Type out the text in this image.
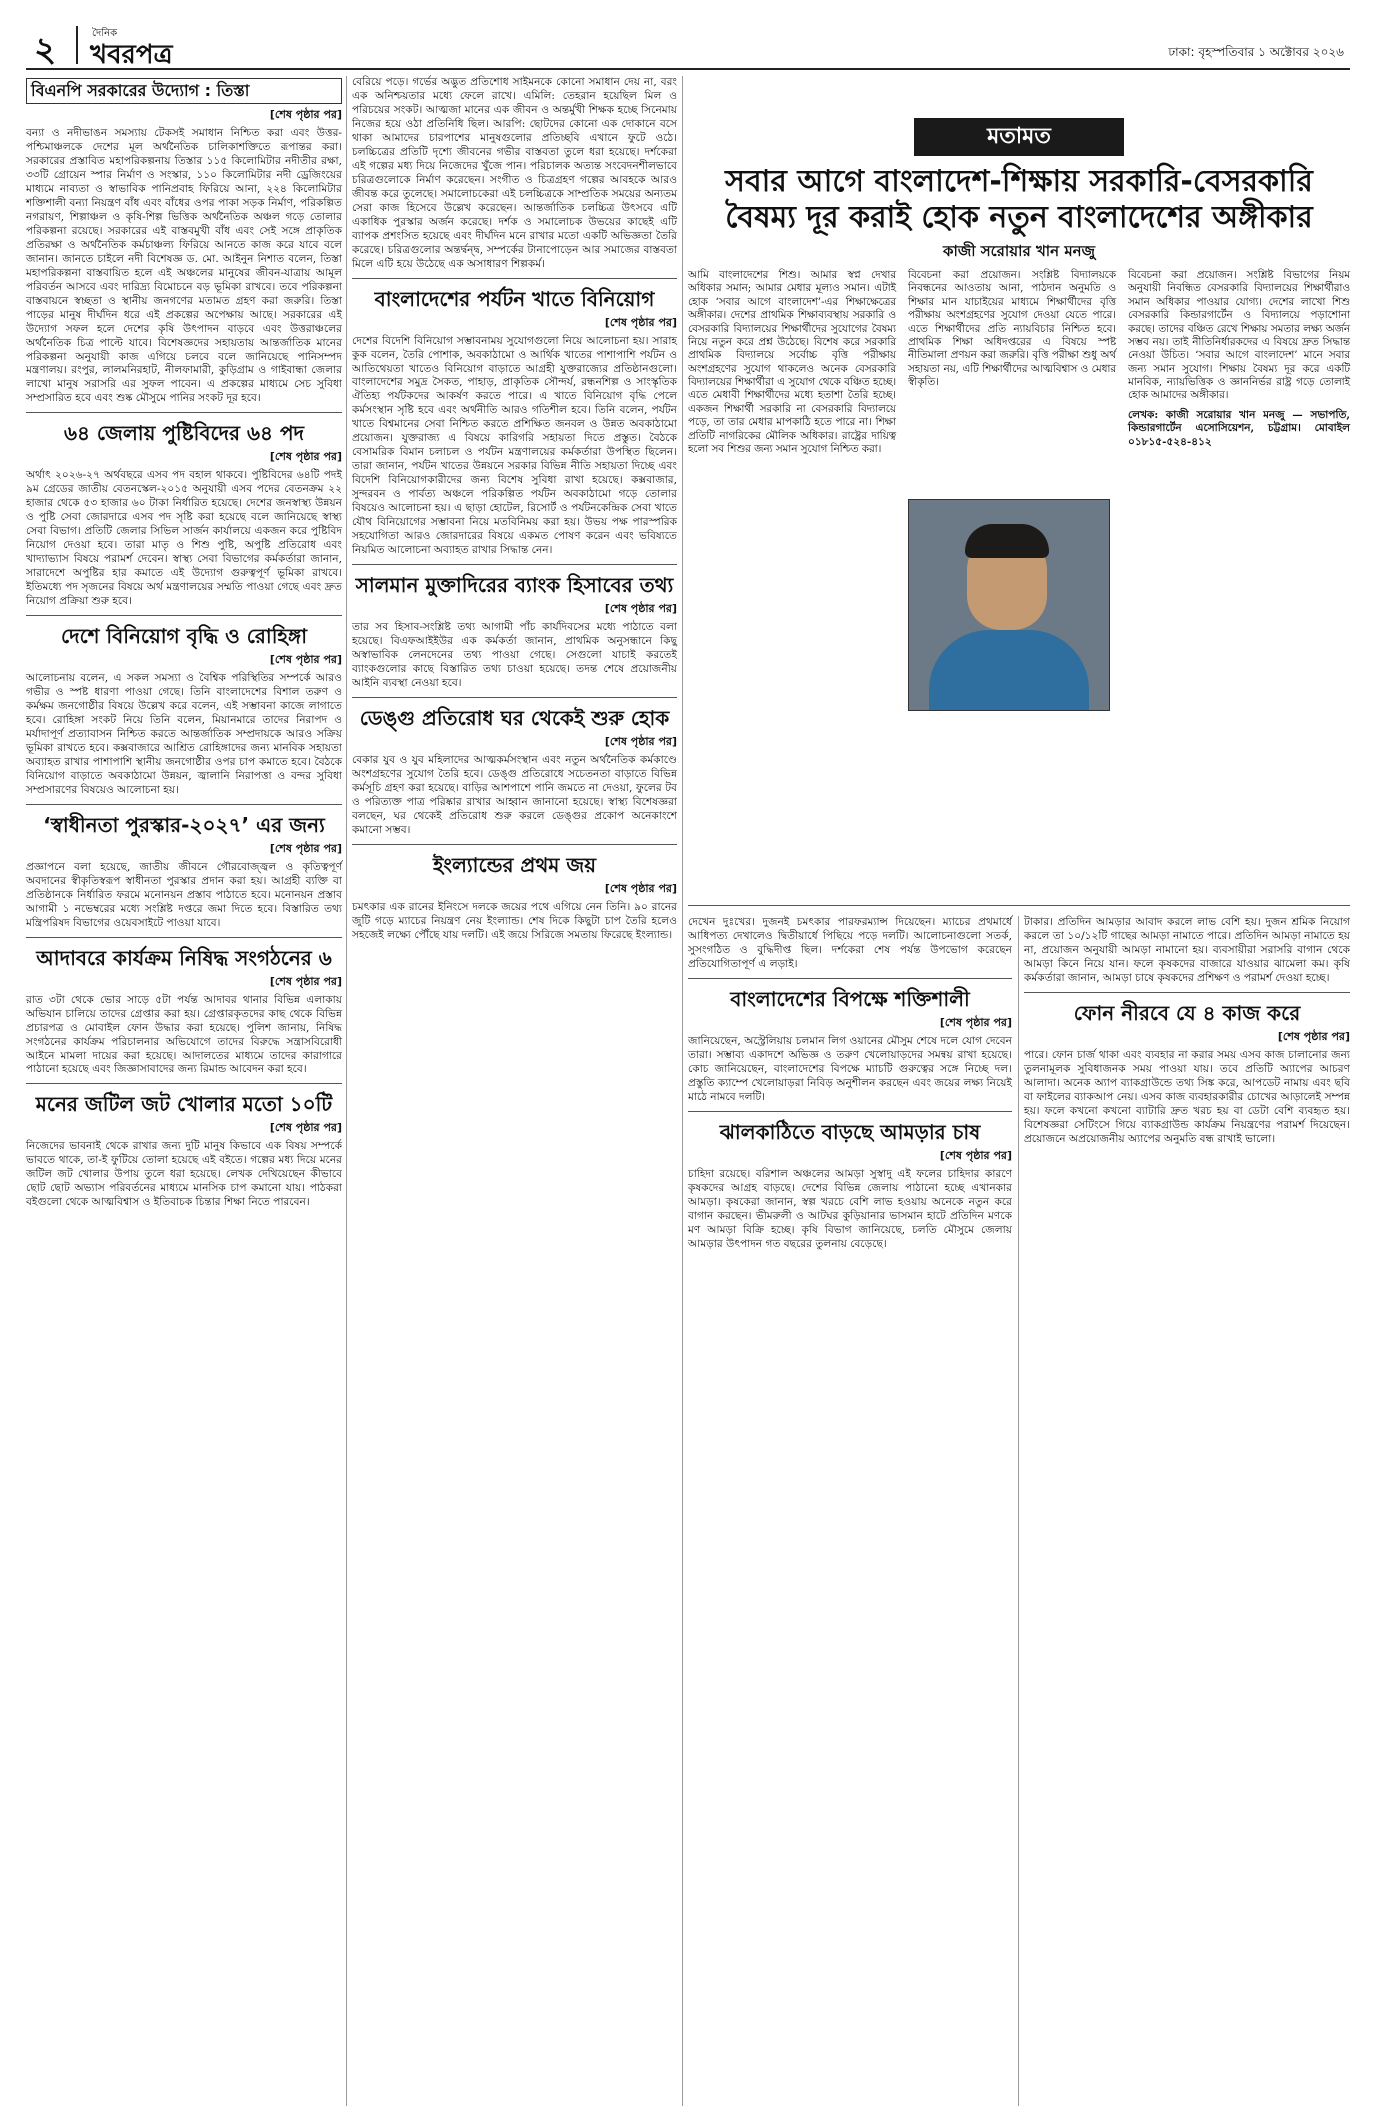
২	দৈনিক
খবরপত্র	ঢাকা: বৃহস্পতিবার ১ অক্টোবর ২০২৬
বিএনপি সরকারের উদ্যোগ : তিস্তা
[শেষ পৃষ্ঠার পর]
বন্যা ও নদীভাঙন সমস্যায় টেকসই সমাধান নিশ্চিত করা এবং উত্তর-পশ্চিমাঞ্চলকে দেশের মূল অর্থনৈতিক চালিকাশক্তিতে রূপান্তর করা। সরকারের প্রস্তাবিত মহাপরিকল্পনায় তিস্তার ১১৫ কিলোমিটার নদীতীর রক্ষা, ৩৩টি গ্রোয়েন স্পার নির্মাণ ও সংস্কার, ১১০ কিলোমিটার নদী ড্রেজিংয়ের মাধ্যমে নাব্যতা ও স্বাভাবিক পানিপ্রবাহ ফিরিয়ে আনা, ২২৪ কিলোমিটার শক্তিশালী বন্যা নিয়ন্ত্রণ বাঁধ এবং বাঁধের ওপর পাকা সড়ক নির্মাণ, পরিকল্পিত নগরায়ণ, শিল্পাঞ্চল ও কৃষি-শিল্প ভিত্তিক অর্থনৈতিক অঞ্চল গড়ে তোলার পরিকল্পনা রয়েছে। সরকারের এই বাস্তবমুখী বাঁধ এবং সেই সঙ্গে প্রাকৃতিক প্রতিরক্ষা ও অর্থনৈতিক কর্মচাঞ্চল্য ফিরিয়ে আনতে কাজ করে যাবে বলে জানান। জানতে চাইলে নদী বিশেষজ্ঞ ড. মো. আইনুন নিশাত বলেন, তিস্তা মহাপরিকল্পনা বাস্তবায়িত হলে এই অঞ্চলের মানুষের জীবন-যাত্রায় আমূল পরিবর্তন আসবে এবং দারিদ্র্য বিমোচনে বড় ভূমিকা রাখবে। তবে পরিকল্পনা বাস্তবায়নে স্বচ্ছতা ও স্থানীয় জনগণের মতামত গ্রহণ করা জরুরি। তিস্তা পাড়ের মানুষ দীর্ঘদিন ধরে এই প্রকল্পের অপেক্ষায় আছে। সরকারের এই উদ্যোগ সফল হলে দেশের কৃষি উৎপাদন বাড়বে এবং উত্তরাঞ্চলের অর্থনৈতিক চিত্র পাল্টে যাবে। বিশেষজ্ঞদের সহায়তায় আন্তর্জাতিক মানের পরিকল্পনা অনুযায়ী কাজ এগিয়ে চলবে বলে জানিয়েছে পানিসম্পদ মন্ত্রণালয়। রংপুর, লালমনিরহাট, নীলফামারী, কুড়িগ্রাম ও গাইবান্ধা জেলার লাখো মানুষ সরাসরি এর সুফল পাবেন। এ প্রকল্পের মাধ্যমে সেচ সুবিধা সম্প্রসারিত হবে এবং শুষ্ক মৌসুমে পানির সংকট দূর হবে।
৬৪ জেলায় পুষ্টিবিদের ৬৪ পদ
[শেষ পৃষ্ঠার পর]
অর্থাৎ ২০২৬-২৭ অর্থবছরে এসব পদ বহাল থাকবে। পুষ্টিবিদের ৬৪টি পদই ৯ম গ্রেডের জাতীয় বেতনস্কেল-২০১৫ অনুযায়ী এসব পদের বেতনক্রম ২২ হাজার থেকে ৫৩ হাজার ৬০ টাকা নির্ধারিত হয়েছে। দেশের জনস্বাস্থ্য উন্নয়ন ও পুষ্টি সেবা জোরদারে এসব পদ সৃষ্টি করা হয়েছে বলে জানিয়েছে স্বাস্থ্য সেবা বিভাগ। প্রতিটি জেলার সিভিল সার্জন কার্যালয়ে একজন করে পুষ্টিবিদ নিয়োগ দেওয়া হবে। তারা মাতৃ ও শিশু পুষ্টি, অপুষ্টি প্রতিরোধ এবং খাদ্যাভ্যাস বিষয়ে পরামর্শ দেবেন। স্বাস্থ্য সেবা বিভাগের কর্মকর্তারা জানান, সারাদেশে অপুষ্টির হার কমাতে এই উদ্যোগ গুরুত্বপূর্ণ ভূমিকা রাখবে। ইতিমধ্যে পদ সৃজনের বিষয়ে অর্থ মন্ত্রণালয়ের সম্মতি পাওয়া গেছে এবং দ্রুত নিয়োগ প্রক্রিয়া শুরু হবে।
দেশে বিনিয়োগ বৃদ্ধি ও রোহিঙ্গা
[শেষ পৃষ্ঠার পর]
আলোচনায় বলেন, এ সকল সমস্যা ও বৈশ্বিক পরিস্থিতির সম্পর্কে আরও গভীর ও স্পষ্ট ধারণা পাওয়া গেছে। তিনি বাংলাদেশের বিশাল তরুণ ও কর্মক্ষম জনগোষ্ঠীর বিষয়ে উল্লেখ করে বলেন, এই সম্ভাবনা কাজে লাগাতে হবে। রোহিঙ্গা সংকট নিয়ে তিনি বলেন, মিয়ানমারে তাদের নিরাপদ ও মর্যাদাপূর্ণ প্রত্যাবাসন নিশ্চিত করতে আন্তর্জাতিক সম্প্রদায়কে আরও সক্রিয় ভূমিকা রাখতে হবে। কক্সবাজারে আশ্রিত রোহিঙ্গাদের জন্য মানবিক সহায়তা অব্যাহত রাখার পাশাপাশি স্থানীয় জনগোষ্ঠীর ওপর চাপ কমাতে হবে। বৈঠকে বিনিয়োগ বাড়াতে অবকাঠামো উন্নয়ন, জ্বালানি নিরাপত্তা ও বন্দর সুবিধা সম্প্রসারণের বিষয়েও আলোচনা হয়।
‘স্বাধীনতা পুরস্কার-২০২৭’ এর জন্য
[শেষ পৃষ্ঠার পর]
প্রজ্ঞাপনে বলা হয়েছে, জাতীয় জীবনে গৌরবোজ্জ্বল ও কৃতিত্বপূর্ণ অবদানের স্বীকৃতিস্বরূপ স্বাধীনতা পুরস্কার প্রদান করা হয়। আগ্রহী ব্যক্তি বা প্রতিষ্ঠানকে নির্ধারিত ফরমে মনোনয়ন প্রস্তাব পাঠাতে হবে। মনোনয়ন প্রস্তাব আগামী ১ নভেম্বরের মধ্যে সংশ্লিষ্ট দপ্তরে জমা দিতে হবে। বিস্তারিত তথ্য মন্ত্রিপরিষদ বিভাগের ওয়েবসাইটে পাওয়া যাবে।
আদাবরে কার্যক্রম নিষিদ্ধ সংগঠনের ৬
[শেষ পৃষ্ঠার পর]
রাত ৩টা থেকে ভোর সাড়ে ৫টা পর্যন্ত আদাবর থানার বিভিন্ন এলাকায় অভিযান চালিয়ে তাদের গ্রেপ্তার করা হয়। গ্রেপ্তারকৃতদের কাছ থেকে বিভিন্ন প্রচারপত্র ও মোবাইল ফোন উদ্ধার করা হয়েছে। পুলিশ জানায়, নিষিদ্ধ সংগঠনের কার্যক্রম পরিচালনার অভিযোগে তাদের বিরুদ্ধে সন্ত্রাসবিরোধী আইনে মামলা দায়ের করা হয়েছে। আদালতের মাধ্যমে তাদের কারাগারে পাঠানো হয়েছে এবং জিজ্ঞাসাবাদের জন্য রিমান্ড আবেদন করা হবে।
মনের জটিল জট খোলার মতো ১০টি
[শেষ পৃষ্ঠার পর]
নিজেদের ভাবনাই থেকে রাখার জন্য দুটি মানুষ কিভাবে এক বিষয় সম্পর্কে ভাবতে থাকে, তা-ই ফুটিয়ে তোলা হয়েছে এই বইতে। গল্পের মধ্য দিয়ে মনের জটিল জট খোলার উপায় তুলে ধরা হয়েছে। লেখক দেখিয়েছেন কীভাবে ছোট ছোট অভ্যাস পরিবর্তনের মাধ্যমে মানসিক চাপ কমানো যায়। পাঠকরা বইগুলো থেকে আত্মবিশ্বাস ও ইতিবাচক চিন্তার শিক্ষা নিতে পারবেন।
বেরিয়ে পড়ে। গর্ভের অদ্ভুত প্রতিশোধ সাইমনকে কোনো সমাধান দেয় না, বরং এক অনিশ্চয়তার মধ্যে ফেলে রাখে। এমিলি: তেহরান হয়েছিল মিল ও পরিচয়ের সংকট। আত্মজা মানের এক জীবন ও অন্তর্মুখী শিক্ষক হচ্ছে সিনেমায় নিজের হয়ে ওঠা প্রতিনিধি ছিল। আরপি: ছোটদের কোনো এক দোকানে বসে থাকা আমাদের চারপাশের মানুষগুলোর প্রতিচ্ছবি এখানে ফুটে ওঠে। চলচ্চিত্রের প্রতিটি দৃশ্যে জীবনের গভীর বাস্তবতা তুলে ধরা হয়েছে। দর্শকেরা এই গল্পের মধ্য দিয়ে নিজেদের খুঁজে পান। পরিচালক অত্যন্ত সংবেদনশীলভাবে চরিত্রগুলোকে নির্মাণ করেছেন। সংগীত ও চিত্রগ্রহণ গল্পের আবহকে আরও জীবন্ত করে তুলেছে। সমালোচকেরা এই চলচ্চিত্রকে সাম্প্রতিক সময়ের অন্যতম সেরা কাজ হিসেবে উল্লেখ করেছেন। আন্তর্জাতিক চলচ্চিত্র উৎসবে এটি একাধিক পুরস্কার অর্জন করেছে। দর্শক ও সমালোচক উভয়ের কাছেই এটি ব্যাপক প্রশংসিত হয়েছে এবং দীর্ঘদিন মনে রাখার মতো একটি অভিজ্ঞতা তৈরি করেছে। চরিত্রগুলোর অন্তর্দ্বন্দ্ব, সম্পর্কের টানাপোড়েন আর সমাজের বাস্তবতা মিলে এটি হয়ে উঠেছে এক অসাধারণ শিল্পকর্ম।
বাংলাদেশের পর্যটন খাতে বিনিয়োগ
[শেষ পৃষ্ঠার পর]
দেশের বিদেশি বিনিয়োগ সম্ভাবনাময় সুযোগগুলো নিয়ে আলোচনা হয়। সারাহ কুক বলেন, তৈরি পোশাক, অবকাঠামো ও আর্থিক খাতের পাশাপাশি পর্যটন ও আতিথেয়তা খাতেও বিনিয়োগ বাড়াতে আগ্রহী যুক্তরাজ্যের প্রতিষ্ঠানগুলো। বাংলাদেশের সমুদ্র সৈকত, পাহাড়, প্রাকৃতিক সৌন্দর্য, রন্ধনশিল্প ও সাংস্কৃতিক ঐতিহ্য পর্যটকদের আকর্ষণ করতে পারে। এ খাতে বিনিয়োগ বৃদ্ধি পেলে কর্মসংস্থান সৃষ্টি হবে এবং অর্থনীতি আরও গতিশীল হবে। তিনি বলেন, পর্যটন খাতে বিশ্বমানের সেবা নিশ্চিত করতে প্রশিক্ষিত জনবল ও উন্নত অবকাঠামো প্রয়োজন। যুক্তরাজ্য এ বিষয়ে কারিগরি সহায়তা দিতে প্রস্তুত। বৈঠকে বেসামরিক বিমান চলাচল ও পর্যটন মন্ত্রণালয়ের কর্মকর্তারা উপস্থিত ছিলেন। তারা জানান, পর্যটন খাতের উন্নয়নে সরকার বিভিন্ন নীতি সহায়তা দিচ্ছে এবং বিদেশি বিনিয়োগকারীদের জন্য বিশেষ সুবিধা রাখা হয়েছে। কক্সবাজার, সুন্দরবন ও পার্বত্য অঞ্চলে পরিকল্পিত পর্যটন অবকাঠামো গড়ে তোলার বিষয়েও আলোচনা হয়। এ ছাড়া হোটেল, রিসোর্ট ও পর্যটনকেন্দ্রিক সেবা খাতে যৌথ বিনিয়োগের সম্ভাবনা নিয়ে মতবিনিময় করা হয়। উভয় পক্ষ পারস্পরিক সহযোগিতা আরও জোরদারের বিষয়ে একমত পোষণ করেন এবং ভবিষ্যতে নিয়মিত আলোচনা অব্যাহত রাখার সিদ্ধান্ত নেন।
সালমান মুক্তাদিরের ব্যাংক হিসাবের তথ্য
[শেষ পৃষ্ঠার পর]
তার সব হিসাব-সংশ্লিষ্ট তথ্য আগামী পাঁচ কার্যদিবসের মধ্যে পাঠাতে বলা হয়েছে। বিএফআইইউর এক কর্মকর্তা জানান, প্রাথমিক অনুসন্ধানে কিছু অস্বাভাবিক লেনদেনের তথ্য পাওয়া গেছে। সেগুলো যাচাই করতেই ব্যাংকগুলোর কাছে বিস্তারিত তথ্য চাওয়া হয়েছে। তদন্ত শেষে প্রয়োজনীয় আইনি ব্যবস্থা নেওয়া হবে।
ডেঙ্গু প্রতিরোধ ঘর থেকেই শুরু হোক
[শেষ পৃষ্ঠার পর]
বেকার যুব ও যুব মহিলাদের আত্মকর্মসংস্থান এবং নতুন অর্থনৈতিক কর্মকাণ্ডে অংশগ্রহণের সুযোগ তৈরি হবে। ডেঙ্গু প্রতিরোধে সচেতনতা বাড়াতে বিভিন্ন কর্মসূচি গ্রহণ করা হয়েছে। বাড়ির আশপাশে পানি জমতে না দেওয়া, ফুলের টব ও পরিত্যক্ত পাত্র পরিষ্কার রাখার আহ্বান জানানো হয়েছে। স্বাস্থ্য বিশেষজ্ঞরা বলছেন, ঘর থেকেই প্রতিরোধ শুরু করলে ডেঙ্গুর প্রকোপ অনেকাংশে কমানো সম্ভব।
ইংল্যান্ডের প্রথম জয়
[শেষ পৃষ্ঠার পর]
চমৎকার এক রানের ইনিংসে দলকে জয়ের পথে এগিয়ে নেন তিনি। ৯০ রানের জুটি গড়ে ম্যাচের নিয়ন্ত্রণ নেয় ইংল্যান্ড। শেষ দিকে কিছুটা চাপ তৈরি হলেও সহজেই লক্ষ্যে পৌঁছে যায় দলটি। এই জয়ে সিরিজে সমতায় ফিরেছে ইংল্যান্ড।
মতামত
সবার আগে বাংলাদেশ-শিক্ষায় সরকারি-বেসরকারি
বৈষম্য দূর করাই হোক নতুন বাংলাদেশের অঙ্গীকার
কাজী সরোয়ার খান মনজু
আমি বাংলাদেশের শিশু। আমার স্বপ্ন দেখার অধিকার সমান; আমার মেধার মূল্যও সমান। এটাই হোক ‘সবার আগে বাংলাদেশ’-এর শিক্ষাক্ষেত্রের অঙ্গীকার। দেশের প্রাথমিক শিক্ষাব্যবস্থায় সরকারি ও বেসরকারি বিদ্যালয়ের শিক্ষার্থীদের সুযোগের বৈষম্য নিয়ে নতুন করে প্রশ্ন উঠেছে। বিশেষ করে সরকারি প্রাথমিক বিদ্যালয়ে সর্বোচ্চ বৃত্তি পরীক্ষায় অংশগ্রহণের সুযোগ থাকলেও অনেক বেসরকারি বিদ্যালয়ের শিক্ষার্থীরা এ সুযোগ থেকে বঞ্চিত হচ্ছে। এতে মেধাবী শিক্ষার্থীদের মধ্যে হতাশা তৈরি হচ্ছে। একজন শিক্ষার্থী সরকারি না বেসরকারি বিদ্যালয়ে পড়ে, তা তার মেধার মাপকাঠি হতে পারে না। শিক্ষা প্রতিটি নাগরিকের মৌলিক অধিকার। রাষ্ট্রের দায়িত্ব হলো সব শিশুর জন্য সমান সুযোগ নিশ্চিত করা।
বিবেচনা করা প্রয়োজন। সংশ্লিষ্ট বিদ্যালয়কে নিবন্ধনের আওতায় আনা, পাঠদান অনুমতি ও শিক্ষার মান যাচাইয়ের মাধ্যমে শিক্ষার্থীদের বৃত্তি পরীক্ষায় অংশগ্রহণের সুযোগ দেওয়া যেতে পারে। এতে শিক্ষার্থীদের প্রতি ন্যায়বিচার নিশ্চিত হবে। প্রাথমিক শিক্ষা অধিদপ্তরের এ বিষয়ে স্পষ্ট নীতিমালা প্রণয়ন করা জরুরি। বৃত্তি পরীক্ষা শুধু অর্থ সহায়তা নয়, এটি শিক্ষার্থীদের আত্মবিশ্বাস ও মেধার স্বীকৃতি।
বিবেচনা করা প্রয়োজন। সংশ্লিষ্ট বিভাগের নিয়ম অনুযায়ী নিবন্ধিত বেসরকারি বিদ্যালয়ের শিক্ষার্থীরাও সমান অধিকার পাওয়ার যোগ্য। দেশের লাখো শিশু বেসরকারি কিন্ডারগার্টেন ও বিদ্যালয়ে পড়াশোনা করছে। তাদের বঞ্চিত রেখে শিক্ষায় সমতার লক্ষ্য অর্জন সম্ভব নয়। তাই নীতিনির্ধারকদের এ বিষয়ে দ্রুত সিদ্ধান্ত নেওয়া উচিত। ‘সবার আগে বাংলাদেশ’ মানে সবার জন্য সমান সুযোগ। শিক্ষায় বৈষম্য দূর করে একটি মানবিক, ন্যায়ভিত্তিক ও জ্ঞাননির্ভর রাষ্ট্র গড়ে তোলাই হোক আমাদের অঙ্গীকার।
লেখক: কাজী সরোয়ার খান মনজু — সভাপতি, কিন্ডারগার্টেন এসোসিয়েশন, চট্টগ্রাম। মোবাইল ০১৮১৫-৫২৪-৪১২
দেখেন দুঃখের। দুজনই চমৎকার পারফরম্যান্স দিয়েছেন। ম্যাচের প্রথমার্ধে আধিপত্য দেখালেও দ্বিতীয়ার্ধে পিছিয়ে পড়ে দলটি। আলোচনাগুলো সতর্ক, সুসংগঠিত ও বুদ্ধিদীপ্ত ছিল। দর্শকেরা শেষ পর্যন্ত উপভোগ করেছেন প্রতিযোগিতাপূর্ণ এ লড়াই।
বাংলাদেশের বিপক্ষে শক্তিশালী
[শেষ পৃষ্ঠার পর]
জানিয়েছেন, অস্ট্রেলিয়ায় চলমান লিগ ওয়ানের মৌসুম শেষে দলে যোগ দেবেন তারা। সম্ভাব্য একাদশে অভিজ্ঞ ও তরুণ খেলোয়াড়দের সমন্বয় রাখা হয়েছে। কোচ জানিয়েছেন, বাংলাদেশের বিপক্ষে ম্যাচটি গুরুত্বের সঙ্গে নিচ্ছে দল। প্রস্তুতি ক্যাম্পে খেলোয়াড়রা নিবিড় অনুশীলন করছেন এবং জয়ের লক্ষ্য নিয়েই মাঠে নামবে দলটি।
ঝালকাঠিতে বাড়ছে আমড়ার চাষ
[শেষ পৃষ্ঠার পর]
চাহিদা রয়েছে। বরিশাল অঞ্চলের আমড়া সুস্বাদু এই ফলের চাহিদার কারণে কৃষকদের আগ্রহ বাড়ছে। দেশের বিভিন্ন জেলায় পাঠানো হচ্ছে এখানকার আমড়া। কৃষকেরা জানান, স্বল্প খরচে বেশি লাভ হওয়ায় অনেকে নতুন করে বাগান করছেন। ভীমরুলী ও আটঘর কুড়িয়ানার ভাসমান হাটে প্রতিদিন মণকে মণ আমড়া বিক্রি হচ্ছে। কৃষি বিভাগ জানিয়েছে, চলতি মৌসুমে জেলায় আমড়ার উৎপাদন গত বছরের তুলনায় বেড়েছে।
টাকার। প্রতিদিন আমড়ার আবাদ করলে লাভ বেশি হয়। দুজন শ্রমিক নিয়োগ করলে তা ১০/১২টি গাছের আমড়া নামাতে পারে। প্রতিদিন আমড়া নামাতে হয় না, প্রয়োজন অনুযায়ী আমড়া নামানো হয়। ব্যবসায়ীরা সরাসরি বাগান থেকে আমড়া কিনে নিয়ে যান। ফলে কৃষকদের বাজারে যাওয়ার ঝামেলা কম। কৃষি কর্মকর্তারা জানান, আমড়া চাষে কৃষকদের প্রশিক্ষণ ও পরামর্শ দেওয়া হচ্ছে।
ফোন নীরবে যে ৪ কাজ করে
[শেষ পৃষ্ঠার পর]
পারে। ফোন চার্জ থাকা এবং ব্যবহার না করার সময় এসব কাজ চালানোর জন্য তুলনামূলক সুবিধাজনক সময় পাওয়া যায়। তবে প্রতিটি অ্যাপের আচরণ আলাদা। অনেক অ্যাপ ব্যাকগ্রাউন্ডে তথ্য সিঙ্ক করে, আপডেট নামায় এবং ছবি বা ফাইলের ব্যাকআপ নেয়। এসব কাজ ব্যবহারকারীর চোখের আড়ালেই সম্পন্ন হয়। ফলে কখনো কখনো ব্যাটারি দ্রুত খরচ হয় বা ডেটা বেশি ব্যবহৃত হয়। বিশেষজ্ঞরা সেটিংসে গিয়ে ব্যাকগ্রাউন্ড কার্যক্রম নিয়ন্ত্রণের পরামর্শ দিয়েছেন। প্রয়োজনে অপ্রয়োজনীয় অ্যাপের অনুমতি বন্ধ রাখাই ভালো।
